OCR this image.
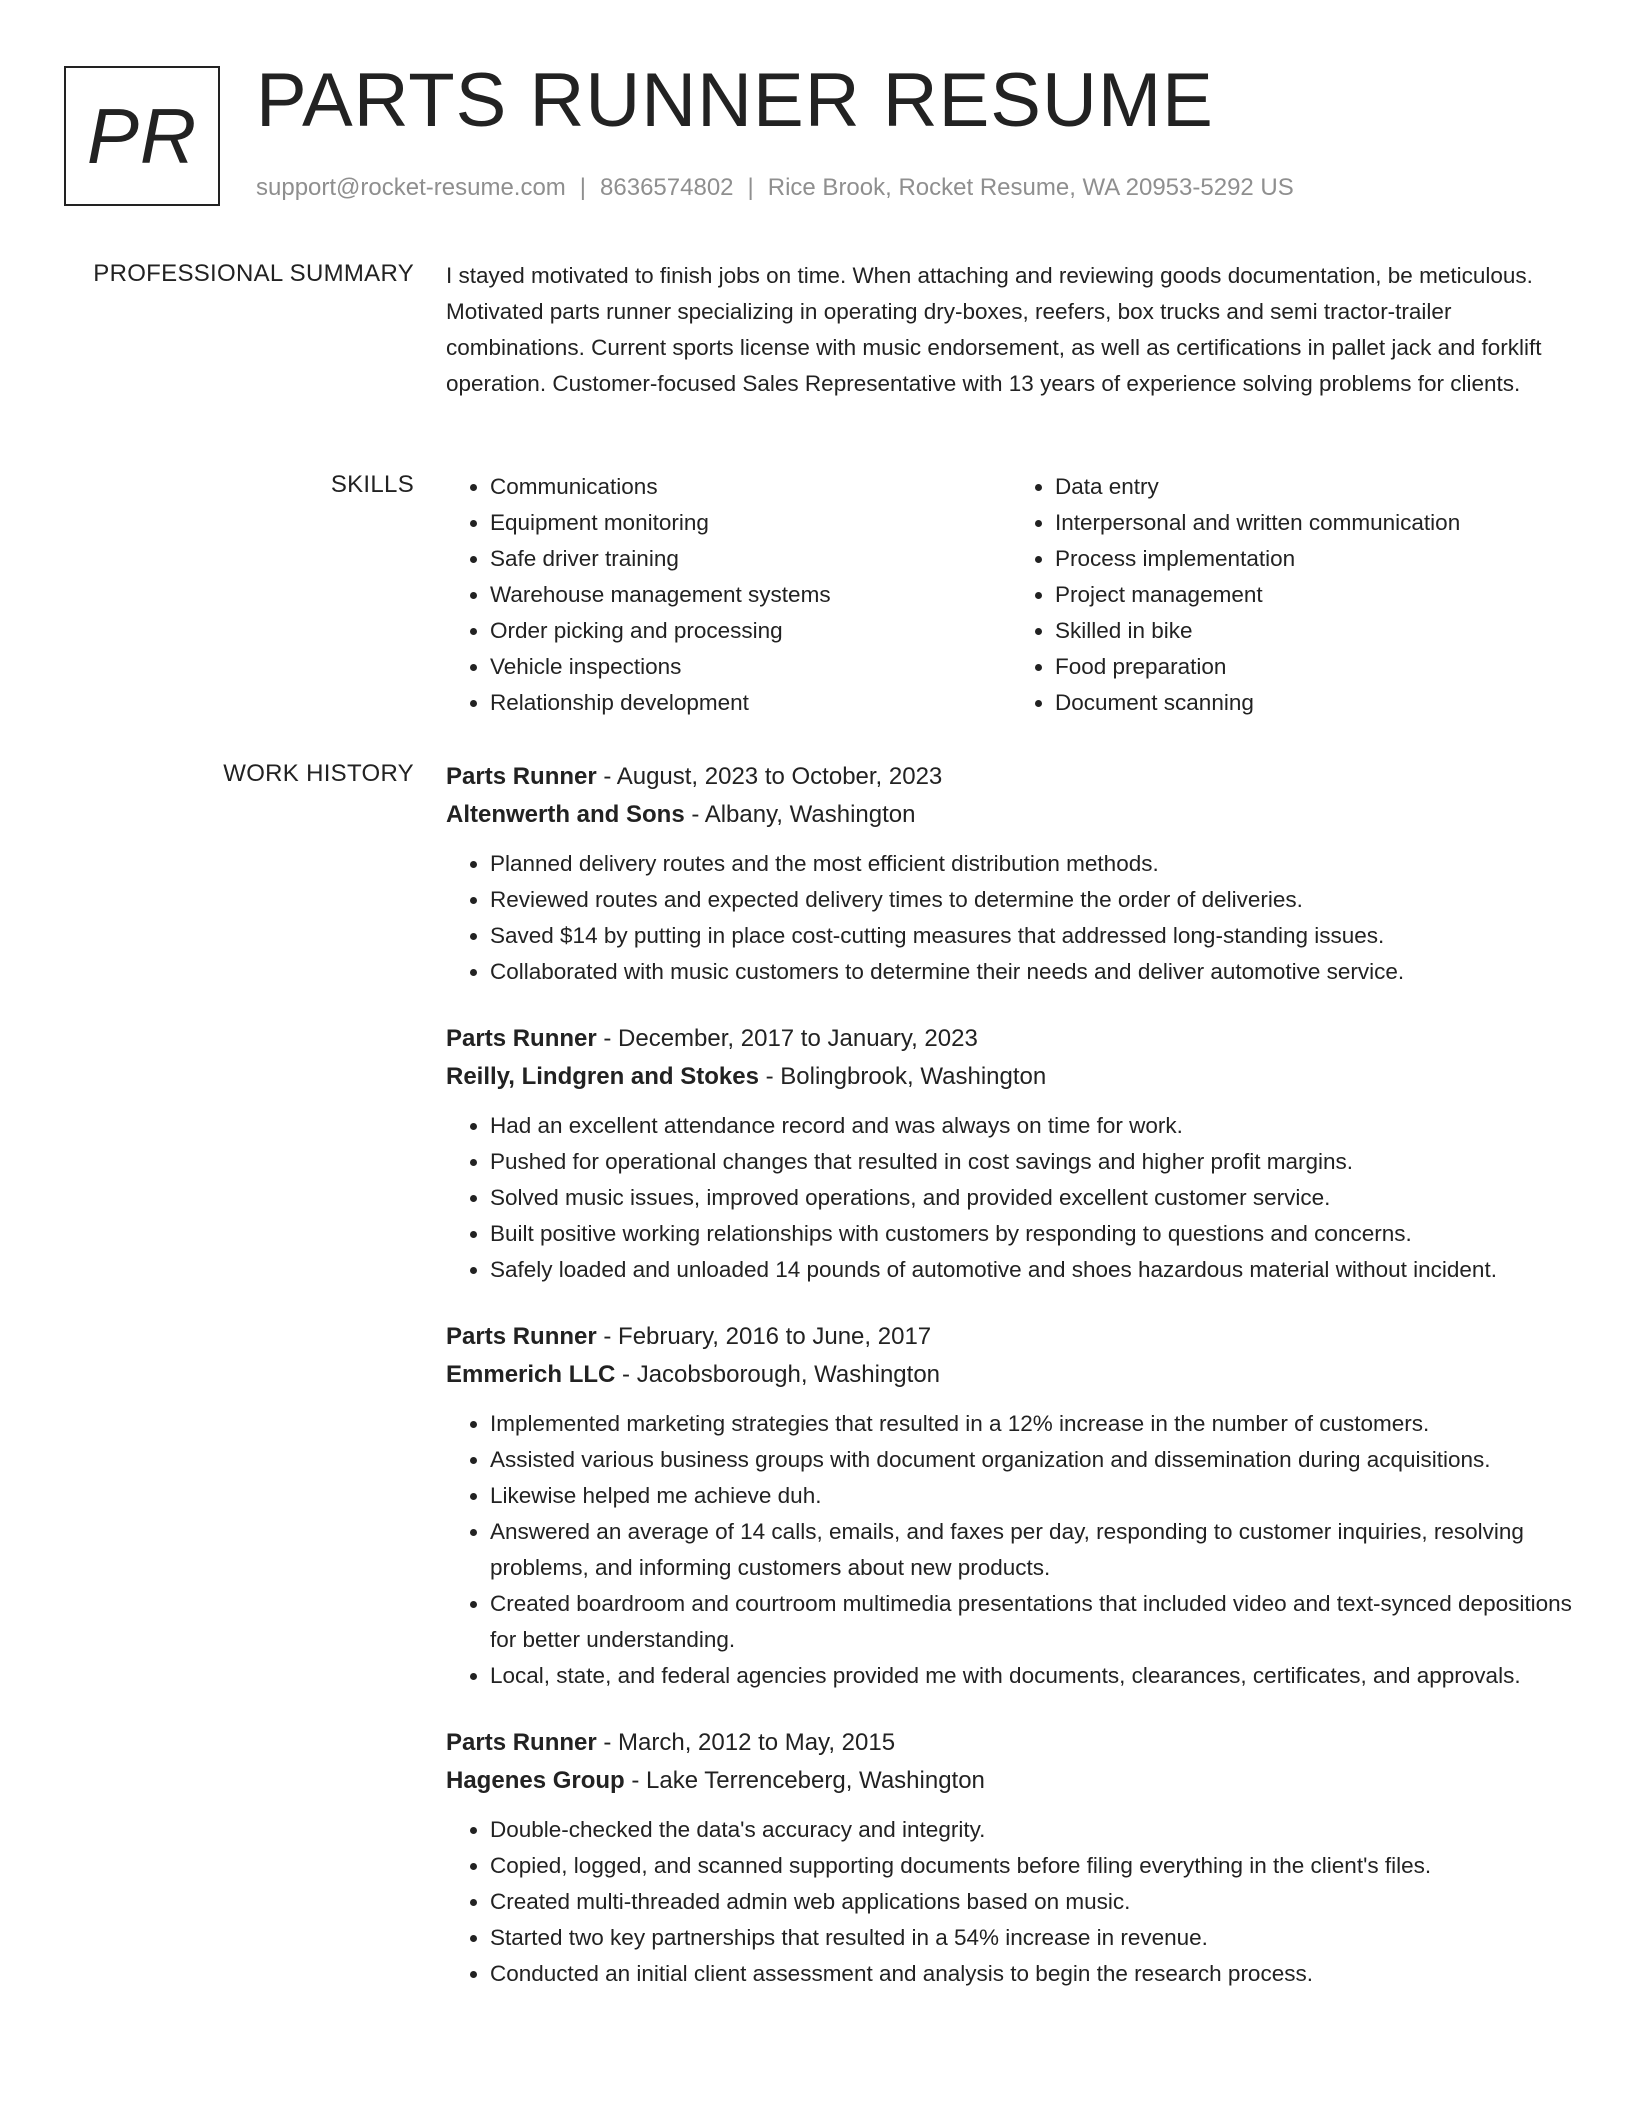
PR PARTS RUNNER RESUME
support@rocket-resume.com | 8636574802 | Rice Brook, Rocket Resume, WA 20953-5292 US
PROFESSIONAL SUMMARY I stayed motivated to finish jobs on time. When attaching and reviewing goods documentation, be meticulous. Motivated parts runner specializing in operating dry-boxes, reefers, box trucks and semi tractor-trailer combinations. Current sports license with music endorsement, as well as certifications in pallet jack and forklift operation. Customer-focused Sales Representative with 13 years of experience solving problems for clients.

SKILLS
•	Communications
• Equipment monitoring
• Safe driver training
• Warehouse management systems
• Order picking and processing
• Vehicle inspections
• Relationship development
• Data entry
• Interpersonal and written communication
• Process implementation
• Project management
• Skilled in bike
• Food preparation
• Document scanning
WORK HISTORY Parts Runner - August, 2023 to October, 2023
Altenwerth and Sons - Albany, Washington
• Planned delivery routes and the most efficient distribution methods.
• Reviewed routes and expected delivery times to determine the order of deliveries.
• Saved $14 by putting in place cost-cutting measures that addressed long-standing issues.
• Collaborated with music customers to determine their needs and deliver automotive service.
Parts Runner - December, 2017 to January, 2023
Reilly, Lindgren and Stokes - Bolingbrook, Washington
• Had an excellent attendance record and was always on time for work.
• Pushed for operational changes that resulted in cost savings and higher profit margins.
• Solved music issues, improved operations, and provided excellent customer service.
• Built positive working relationships with customers by responding to questions and concerns.
• Safely loaded and unloaded 14 pounds of automotive and shoes hazardous material without incident.
Parts Runner - February, 2016 to June, 2017
Emmerich LLC - Jacobsborough, Washington
• Implemented marketing strategies that resulted in a 12% increase in the number of customers.
• Assisted various business groups with document organization and dissemination during acquisitions.
• Likewise helped me achieve duh.
• Answered an average of 14 calls, emails, and faxes per day, responding to customer inquiries, resolving problems, and informing customers about new products.
• Created boardroom and courtroom multimedia presentations that included video and text-synced depositions for better understanding.
• Local, state, and federal agencies provided me with documents, clearances, certificates, and approvals.
Parts Runner - March, 2012 to May, 2015
Hagenes Group - Lake Terrenceberg, Washington
• Double-checked the data's accuracy and integrity.
• Copied, logged, and scanned supporting documents before filing everything in the client's files.
• Created multi-threaded admin web applications based on music.
• Started two key partnerships that resulted in a 54% increase in revenue.
• Conducted an initial client assessment and analysis to begin the research process.
